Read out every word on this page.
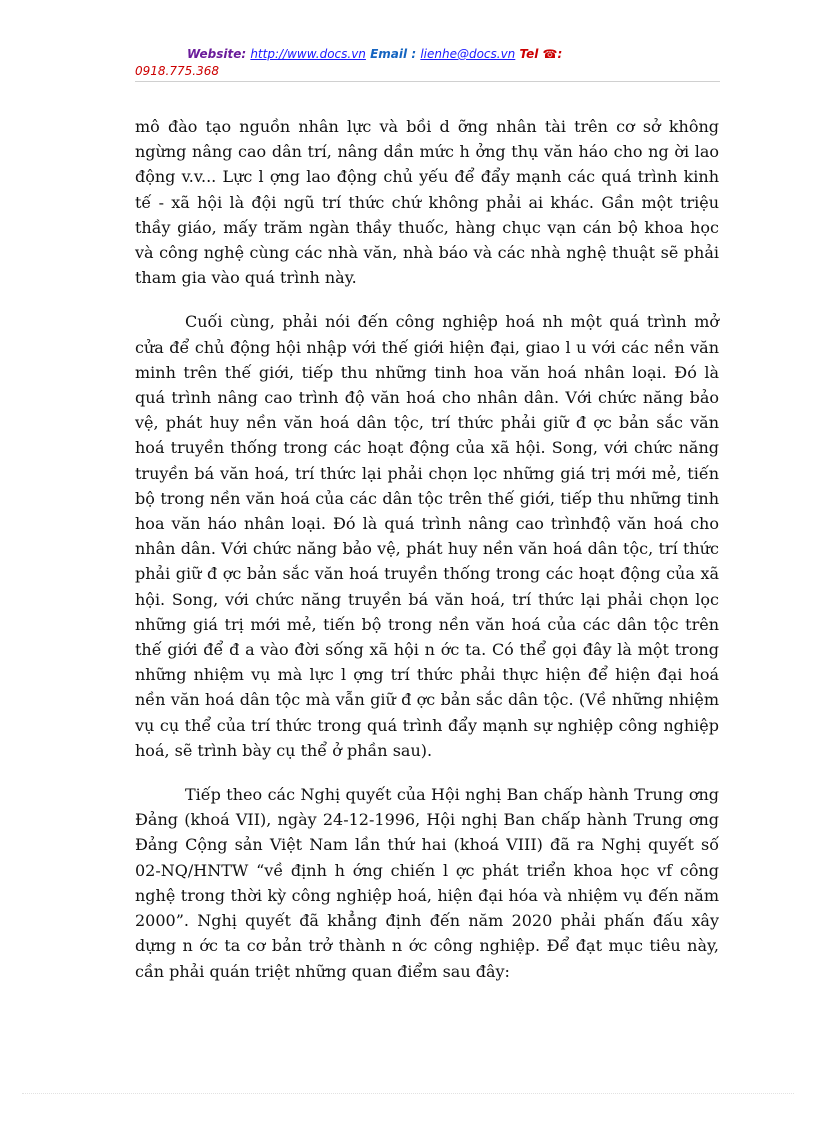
Website: http://www.docs.vn Email : lienhe@docs.vn Tel ☎:
0918.775.368

mô đào tạo nguồn nhân lực và bồi d ỡng nhân tài trên cơ sở không ngừng nâng cao dân trí, nâng dần mức h ởng thụ văn háo cho ng ời lao động v.v... Lực l ợng lao động chủ yếu để đẩy mạnh các quá trình kinh tế - xã hội là đội ngũ trí thức chứ không phải ai khác. Gần một triệu thầy giáo, mấy trăm ngàn thầy thuốc, hàng chục vạn cán bộ khoa học và công nghệ cùng các nhà văn, nhà báo và các nhà nghệ thuật sẽ phải tham gia vào quá trình này.

Cuối cùng, phải nói đến công nghiệp hoá nh một quá trình mở cửa để chủ động hội nhập với thế giới hiện đại, giao l u với các nền văn minh trên thế giới, tiếp thu những tinh hoa văn hoá nhân loại. Đó là quá trình nâng cao trình độ văn hoá cho nhân dân. Với chức năng bảo vệ, phát huy nền văn hoá dân tộc, trí thức phải giữ đ ợc bản sắc văn hoá truyền thống trong các hoạt động của xã hội. Song, với chức năng truyền bá văn hoá, trí thức lại phải chọn lọc những giá trị mới mẻ, tiến bộ trong nền văn hoá của các dân tộc trên thế giới, tiếp thu những tinh hoa văn háo nhân loại. Đó là quá trình nâng cao trìnhđộ văn hoá cho nhân dân. Với chức năng bảo vệ, phát huy nền văn hoá dân tộc, trí thức phải giữ đ ợc bản sắc văn hoá truyền thống trong các hoạt động của xã hội. Song, với chức năng truyền bá văn hoá, trí thức lại phải chọn lọc những giá trị mới mẻ, tiến bộ trong nền văn hoá của các dân tộc trên thế giới để đ a vào đời sống xã hội n ớc ta. Có thể gọi đây là một trong những nhiệm vụ mà lực l ợng trí thức phải thực hiện để hiện đại hoá nền văn hoá dân tộc mà vẫn giữ đ ợc bản sắc dân tộc. (Về những nhiệm vụ cụ thể của trí thức trong quá trình đẩy mạnh sự nghiệp công nghiệp hoá, sẽ trình bày cụ thể ở phần sau).

Tiếp theo các Nghị quyết của Hội nghị Ban chấp hành Trung ơng Đảng (khoá VII), ngày 24-12-1996, Hội nghị Ban chấp hành Trung ơng Đảng Cộng sản Việt Nam lần thứ hai (khoá VIII) đã ra Nghị quyết số 02-NQ/HNTW “về định h ớng chiến l ợc phát triển khoa học vf công nghệ trong thời kỳ công nghiệp hoá, hiện đại hóa và nhiệm vụ đến năm 2000”. Nghị quyết đã khẳng định đến năm 2020 phải phấn đấu xây dựng n ớc ta cơ bản trở thành n ớc công nghiệp. Để đạt mục tiêu này, cần phải quán triệt những quan điểm sau đây:
